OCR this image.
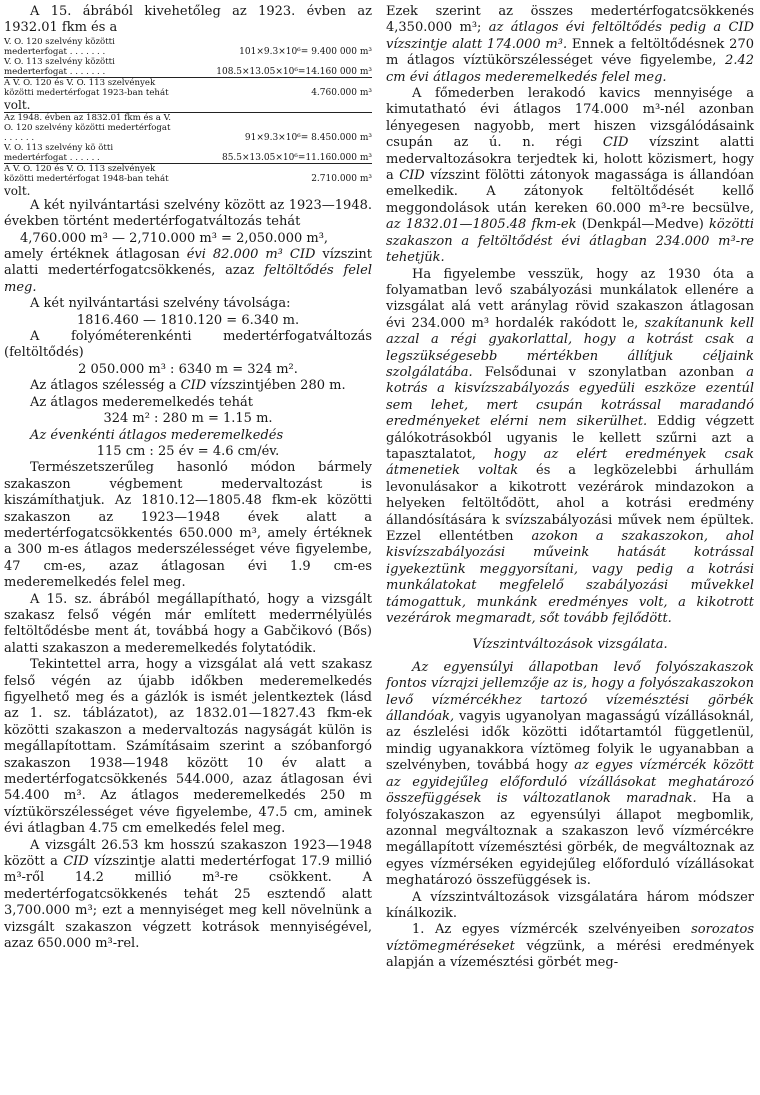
A 15. ábrából kivehetőleg az 1923. évben az 1932.01 fkm és a

V. O. 120 szelvény közötti mederterfogat . . . . . . .	101×9.3×10⁶= 9.400 000 m³
V. O. 113 szelvény közötti mederterfogat . . . . . . .	108.5×13.05×10⁶=14.160 000 m³
A V. O. 120 és V. O. 113 szelvények közötti medertérfogat 1923-ban tehát	4.760.000 m³
volt.	
Az 1948. évben az 1832.01 fkm és a V. O. 120 szelvény közötti medertérfogat . . . . . .	91×9.3×10⁶= 8.450.000 m³
V. O. 113 szelvény kö ötti medertérfogat . . . . . .	85.5×13.05×10⁶=11.160.000 m³
A V. O. 120 és V. O. 113 szelvények közötti medertérfogat 1948-ban tehát	2.710.000 m³
volt.	

A két nyilvántartási szelvény között az 1923—1948. években történt medertérfogatváltozás tehát

4,760.000 m³ — 2,710.000 m³ = 2,050.000 m³,

amely értéknek átlagosan évi 82.000 m³ CID vízszint alatti medertérfogatcsökkenés, azaz feltöltődés felel meg.

A két nyilvántartási szelvény távolsága:

1816.460 — 1810.120 = 6.340 m.

A folyóméterenkénti medertérfogatváltozás (feltöltődés)

2 050.000 m³ : 6340 m = 324 m².

Az átlagos szélesség a CID vízszintjében 280 m.

Az átlagos mederemelkedés tehát

324 m² : 280 m = 1.15 m.

Az évenkénti átlagos mederemelkedés

115 cm : 25 év = 4.6 cm/év.

Természetszerűleg hasonló módon bármely szakaszon végbement medervaltozást is kiszámíthatjuk. Az 1810.12—1805.48 fkm-ek közötti szakaszon az 1923—1948 évek alatt a medertérfogatcsökkentés 650.000 m³, amely értéknek a 300 m-es átlagos mederszélességet véve figyelembe, 47 cm-es, azaz átlagosan évi 1.9 cm-es mederemelkedés felel meg.

A 15. sz. ábrából megállapítható, hogy a vizsgált szakasz felső végén már említett mederrnélyülés feltöltődésbe ment át, továbbá hogy a Gabčikovó (Bős) alatti szakaszon a mederemelkedés folytatódik.

Tekintettel arra, hogy a vizsgálat alá vett szakasz felső végén az újabb időkben mederemelkedés figyelhető meg és a gázlók is ismét jelentkeztek (lásd az 1. sz. táblázatot), az 1832.01—1827.43 fkm-ek közötti szakaszon a medervaltozás nagyságát külön is megállapítottam. Számításaim szerint a szóbanforgó szakaszon 1938—1948 között 10 év alatt a medertérfogatcsökkenés 544.000, azaz átlagosan évi 54.400 m³. Az átlagos mederemelkedés 250 m víztükörszélességet véve figyelembe, 47.5 cm, aminek évi átlagban 4.75 cm emelkedés felel meg.

A vizsgált 26.53 km hosszú szakaszon 1923—1948 között a CID vízszintje alatti medertérfogat 17.9 millió m³-ről 14.2 millió m³-re csökkent. A medertérfogatcsökkenés tehát 25 esztendő alatt 3,700.000 m³; ezt a mennyiséget meg kell növelnünk a vizsgált szakaszon végzett kotrások mennyiségével, azaz 650.000 m³-rel.

Ezek szerint az összes medertérfogatcsökkenés 4,350.000 m³; az átlagos évi feltöltődés pedig a CID vízszintje alatt 174.000 m³. Ennek a feltöltődésnek 270 m átlagos víztükörszélességet véve figyelembe, 2.42 cm évi átlagos mederemelkedés felel meg.

A főmederben lerakodó kavics mennyisége a kimutatható évi átlagos 174.000 m³-nél azonban lényegesen nagyobb, mert hiszen vizsgálódásaink csupán az ú. n. régi CID vízszint alatti medervaltozásokra terjedtek ki, holott közismert, hogy a CID vízszint fölötti zátonyok magassága is állandóan emelkedik. A zátonyok feltöltődését kellő meggondolások után kereken 60.000 m³-re becsülve, az 1832.01—1805.48 fkm-ek (Denkpál—Medve) közötti szakaszon a feltöltődést évi átlagban 234.000 m³-re tehetjük.

Ha figyelembe vesszük, hogy az 1930 óta a folyamatban levő szabályozási munkálatok ellenére a vizsgálat alá vett aránylag rövid szakaszon átlagosan évi 234.000 m³ hordalék rakódott le, szakítanunk kell azzal a régi gyakorlattal, hogy a kotrást csak a legszükségesebb mértékben állítjuk céljaink szolgálatába. Felsődunai v szonylatban azonban a kotrás a kisvízszabályozás egyedüli eszköze ezentúl sem lehet, mert csupán kotrással maradandó eredményeket elérni nem sikerülhet. Eddig végzett gálókotrásokból ugyanis le kellett szűrni azt a tapasztalatot, hogy az elért eredmények csak átmenetiek voltak és a legközelebbi árhullám levonulásakor a kikotrott vezérárok mindazokon a helyeken feltöltődött, ahol a kotrási eredmény állandósítására k svízszabályozási művek nem épültek. Ezzel ellentétben azokon a szakaszokon, ahol kisvízszabályozási műveink hatását kotrással igyekeztünk meggyorsítani, vagy pedig a kotrási munkálatokat megfelelő szabályozási művekkel támogattuk, munkánk eredményes volt, a kikotrott vezérárok megmaradt, sőt tovább fejlődött.

Vízszintváltozások vizsgálata.

Az egyensúlyi állapotban levő folyószakaszok fontos vízrajzi jellemzője az is, hogy a folyószakaszokon levő vízmércékhez tartozó vízemésztési görbék állandóak, vagyis ugyanolyan magasságú vízállásoknál, az észlelési idők közötti időtartamtól függetlenül, mindig ugyanakkora víztömeg folyik le ugyanabban a szelvényben, továbbá hogy az egyes vízmércék között az egyidejűleg előforduló vízállásokat meghatározó összefüggések is változatlanok maradnak. Ha a folyószakaszon az egyensúlyi állapot megbomlik, azonnal megváltoznak a szakaszon levő vízmércékre megállapított vízemésztési görbék, de megváltoznak az egyes vízmérséken egyidejűleg előforduló vízállásokat meghatározó összefüggések is.

A vízszintváltozások vizsgálatára három módszer kínálkozik.

1. Az egyes vízmércék szelvényeiben sorozatos víztömegméréseket végzünk, a mérési eredmények alapján a vízemésztési görbét meg-
